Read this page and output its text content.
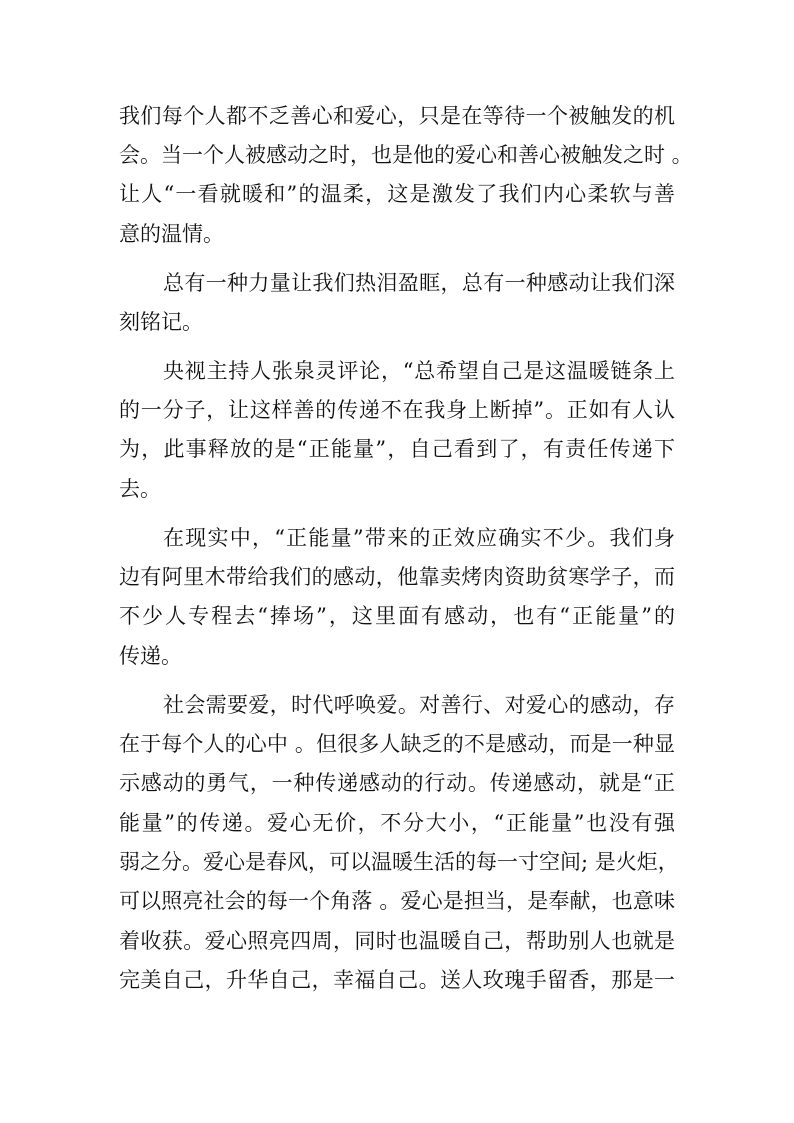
我们每个人都不乏善心和爱心，只是在等待一个被触发的机
会。当一个人被感动之时，也是他的爱心和善心被触发之时 。
让人“一看就暖和”的温柔，这是激发了我们内心柔软与善
意的温情。
总有一种力量让我们热泪盈眶，总有一种感动让我们深
刻铭记。
央视主持人张泉灵评论，“总希望自己是这温暖链条上
的一分子，让这样善的传递不在我身上断掉”。正如有人认
为，此事释放的是“正能量”，自己看到了，有责任传递下
去。
在现实中，“正能量”带来的正效应确实不少。我们身
边有阿里木带给我们的感动，他靠卖烤肉资助贫寒学子，而
不少人专程去“捧场”，这里面有感动，也有“正能量”的
传递。
社会需要爱，时代呼唤爱。对善行、对爱心的感动，存
在于每个人的心中 。但很多人缺乏的不是感动，而是一种显
示感动的勇气，一种传递感动的行动。传递感动，就是“正
能量”的传递。爱心无价，不分大小，“正能量”也没有强
弱之分。爱心是春风，可以温暖生活的每一寸空间; 是火炬，
可以照亮社会的每一个角落 。爱心是担当，是奉献，也意味
着收获。爱心照亮四周，同时也温暖自己，帮助别人也就是
完美自己，升华自己，幸福自己。送人玫瑰手留香，那是一
